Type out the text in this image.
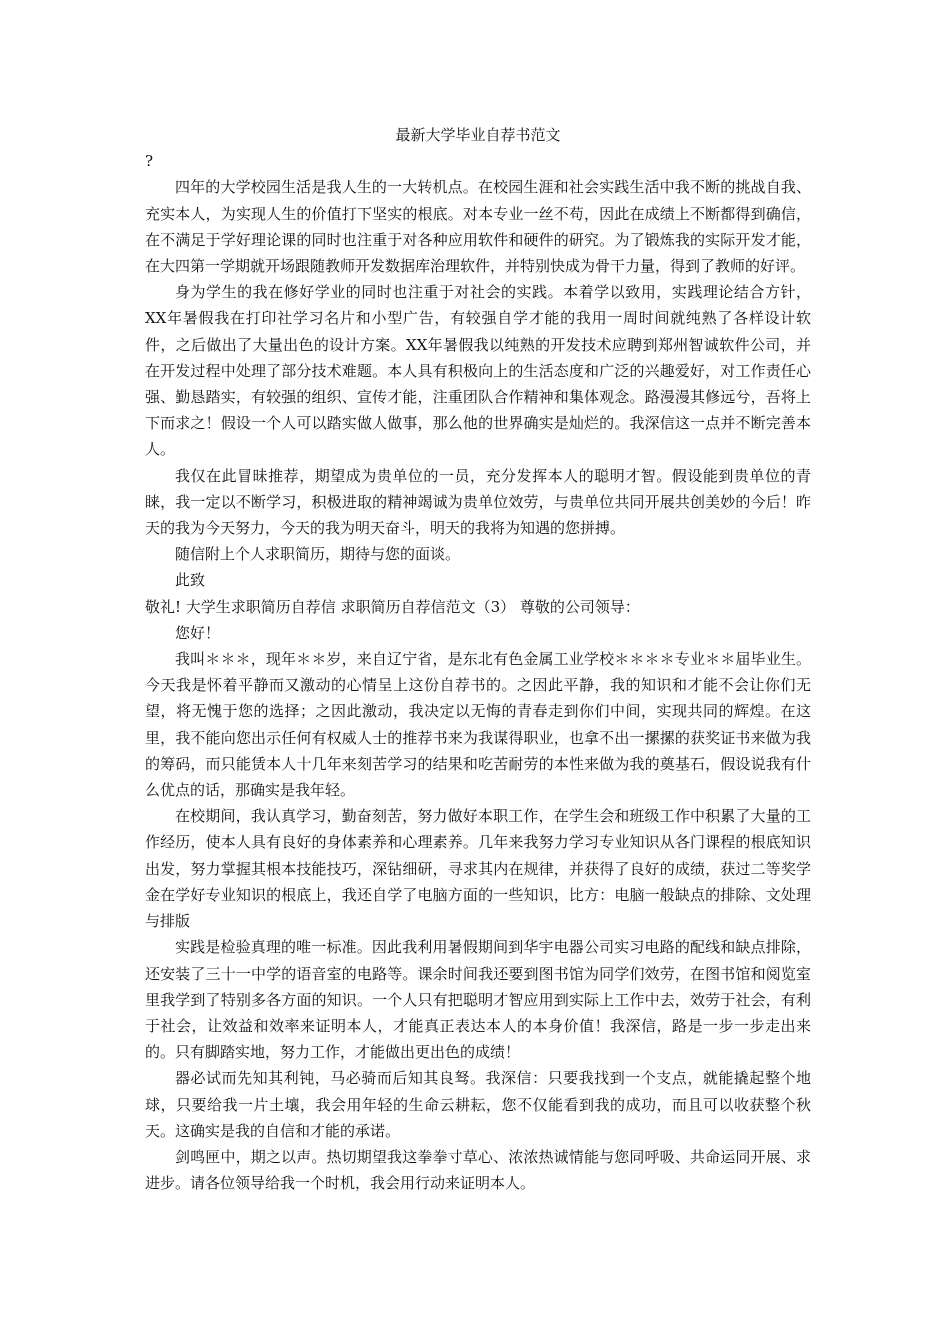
最新大学毕业自荐书范文

?

四年的大学校园生活是我人生的一大转机点。在校园生涯和社会实践生活中我不断的挑战自我、充实本人，为实现人生的价值打下坚实的根底。对本专业一丝不苟，因此在成绩上不断都得到确信，在不满足于学好理论课的同时也注重于对各种应用软件和硬件的研究。为了锻炼我的实际开发才能，在大四第一学期就开场跟随教师开发数据库治理软件，并特别快成为骨干力量，得到了教师的好评。

身为学生的我在修好学业的同时也注重于对社会的实践。本着学以致用，实践理论结合方针，XX年暑假我在打印社学习名片和小型广告，有较强自学才能的我用一周时间就纯熟了各样设计软件，之后做出了大量出色的设计方案。XX年暑假我以纯熟的开发技术应聘到郑州智诚软件公司，并在开发过程中处理了部分技术难题。本人具有积极向上的生活态度和广泛的兴趣爱好，对工作责任心强、勤恳踏实，有较强的组织、宣传才能，注重团队合作精神和集体观念。路漫漫其修远兮，吾将上下而求之！假设一个人可以踏实做人做事，那么他的世界确实是灿烂的。我深信这一点并不断完善本人。

我仅在此冒昧推荐，期望成为贵单位的一员，充分发挥本人的聪明才智。假设能到贵单位的青睐，我一定以不断学习，积极进取的精神竭诚为贵单位效劳，与贵单位共同开展共创美妙的今后！昨天的我为今天努力，今天的我为明天奋斗，明天的我将为知遇的您拼搏。

随信附上个人求职简历，期待与您的面谈。

此致

敬礼! 大学生求职简历自荐信 求职简历自荐信范文（3） 尊敬的公司领导：

您好！

我叫＊＊＊，现年＊＊岁，来自辽宁省，是东北有色金属工业学校＊＊＊＊专业＊＊届毕业生。今天我是怀着平静而又激动的心情呈上这份自荐书的。之因此平静，我的知识和才能不会让你们无望，将无愧于您的选择；之因此激动，我决定以无悔的青春走到你们中间，实现共同的辉煌。在这里，我不能向您出示任何有权威人士的推荐书来为我谋得职业，也拿不出一摞摞的获奖证书来做为我的筹码，而只能赁本人十几年来刻苦学习的结果和吃苦耐劳的本性来做为我的奠基石，假设说我有什么优点的话，那确实是我年轻。

在校期间，我认真学习，勤奋刻苦，努力做好本职工作，在学生会和班级工作中积累了大量的工作经历，使本人具有良好的身体素养和心理素养。几年来我努力学习专业知识从各门课程的根底知识出发，努力掌握其根本技能技巧，深钻细研，寻求其内在规律，并获得了良好的成绩，获过二等奖学金在学好专业知识的根底上，我还自学了电脑方面的一些知识，比方：电脑一般缺点的排除、文处理与排版

实践是检验真理的唯一标准。因此我利用暑假期间到华宇电器公司实习电路的配线和缺点排除，还安装了三十一中学的语音室的电路等。课余时间我还要到图书馆为同学们效劳，在图书馆和阅览室里我学到了特别多各方面的知识。一个人只有把聪明才智应用到实际上工作中去，效劳于社会，有利于社会，让效益和效率来证明本人，才能真正表达本人的本身价值！我深信，路是一步一步走出来的。只有脚踏实地，努力工作，才能做出更出色的成绩！

器必试而先知其利钝，马必骑而后知其良驽。我深信：只要我找到一个支点，就能撬起整个地球，只要给我一片土壤，我会用年轻的生命云耕耘，您不仅能看到我的成功，而且可以收获整个秋天。这确实是我的自信和才能的承诺。

剑鸣匣中，期之以声。热切期望我这拳拳寸草心、浓浓热诚情能与您同呼吸、共命运同开展、求进步。请各位领导给我一个时机，我会用行动来证明本人。
